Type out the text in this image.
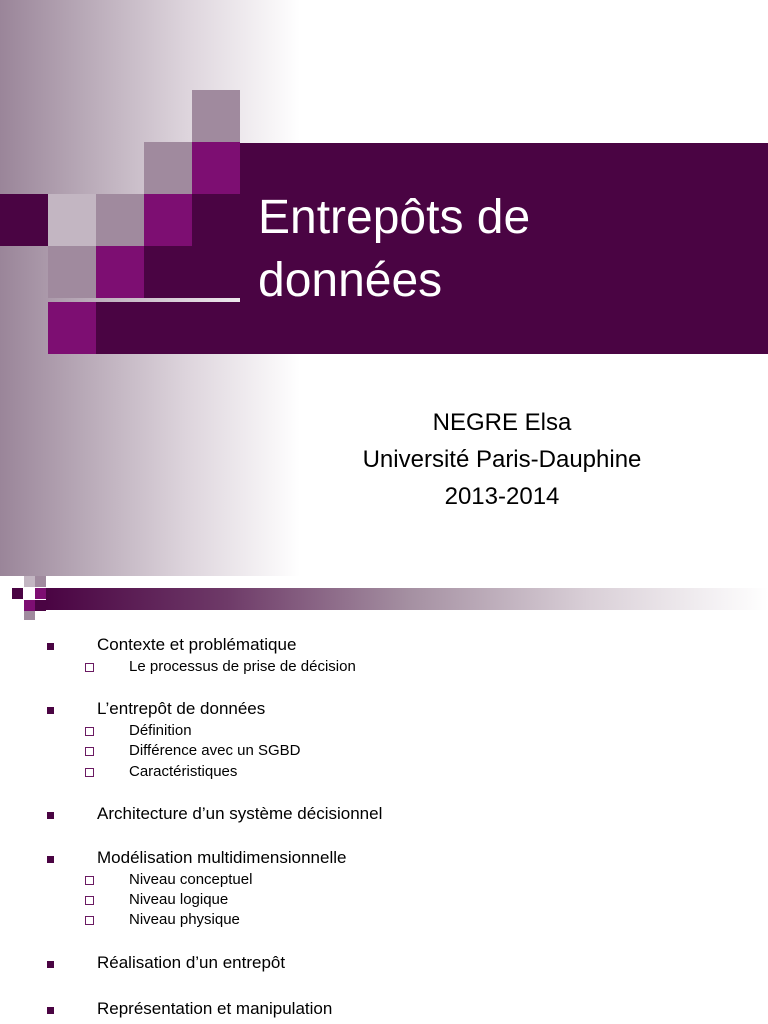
Entrepôts de
données
NEGRE Elsa
Université Paris-Dauphine
2013-2014
Contexte et problématique
Le processus de prise de décision
L’entrepôt de données
Définition
Différence avec un SGBD
Caractéristiques
Architecture d’un système décisionnel
Modélisation multidimensionnelle
Niveau conceptuel
Niveau logique
Niveau physique
Réalisation d’un entrepôt
Représentation et manipulation
